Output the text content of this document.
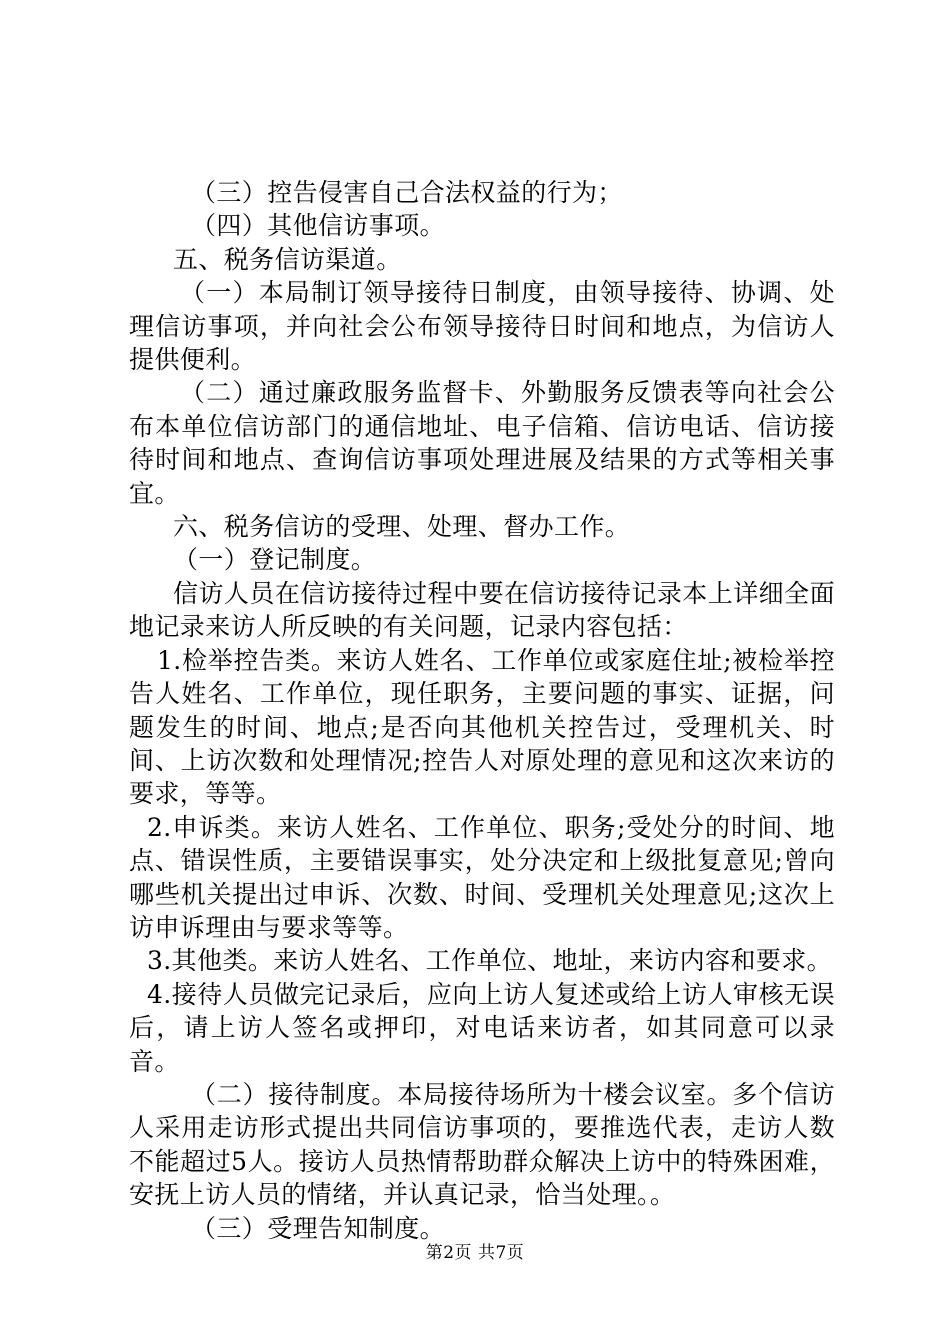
（三）控告侵害自己合法权益的行为；

（四）其他信访事项。

五、税务信访渠道。

（一）本局制订领导接待日制度，由领导接待、协调、处理信访事项，并向社会公布领导接待日时间和地点，为信访人提供便利。

（二）通过廉政服务监督卡、外勤服务反馈表等向社会公布本单位信访部门的通信地址、电子信箱、信访电话、信访接待时间和地点、查询信访事项处理进展及结果的方式等相关事宜。

六、税务信访的受理、处理、督办工作。

（一）登记制度。

信访人员在信访接待过程中要在信访接待记录本上详细全面地记录来访人所反映的有关问题，记录内容包括：

1.检举控告类。来访人姓名、工作单位或家庭住址;被检举控告人姓名、工作单位，现任职务，主要问题的事实、证据，问题发生的时间、地点;是否向其他机关控告过，受理机关、时间、上访次数和处理情况;控告人对原处理的意见和这次来访的要求，等等。

2.申诉类。来访人姓名、工作单位、职务;受处分的时间、地点、错误性质，主要错误事实，处分决定和上级批复意见;曾向哪些机关提出过申诉、次数、时间、受理机关处理意见;这次上访申诉理由与要求等等。

3.其他类。来访人姓名、工作单位、地址，来访内容和要求。

4.接待人员做完记录后，应向上访人复述或给上访人审核无误后，请上访人签名或押印，对电话来访者，如其同意可以录音。

（二）接待制度。本局接待场所为十楼会议室。多个信访人采用走访形式提出共同信访事项的，要推选代表，走访人数不能超过5人。接访人员热情帮助群众解决上访中的特殊困难，安抚上访人员的情绪，并认真记录，恰当处理。。

（三）受理告知制度。

第2页 共7页
